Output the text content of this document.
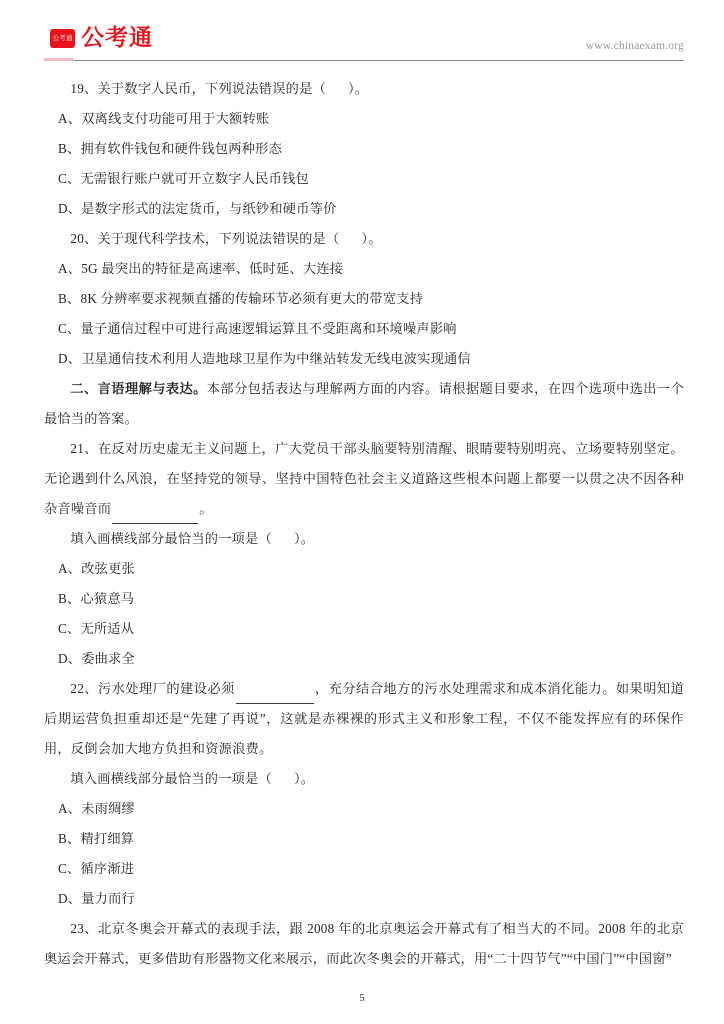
公考通 公考通	www.chinaexam.org

19、关于数字人民币，下列说法错误的是（ ）。

A、双离线支付功能可用于大额转账

B、拥有软件钱包和硬件钱包两种形态

C、无需银行账户就可开立数字人民币钱包

D、是数字形式的法定货币，与纸钞和硬币等价

20、关于现代科学技术，下列说法错误的是（ ）。

A、5G 最突出的特征是高速率、低时延、大连接

B、8K 分辨率要求视频直播的传输环节必须有更大的带宽支持

C、量子通信过程中可进行高速逻辑运算且不受距离和环境噪声影响

D、卫星通信技术利用人造地球卫星作为中继站转发无线电波实现通信

二、言语理解与表达。本部分包括表达与理解两方面的内容。请根据题目要求，在四个选项中选出一个最恰当的答案。

21、在反对历史虚无主义问题上，广大党员干部头脑要特别清醒、眼睛要特别明亮、立场要特别坚定。无论遇到什么风浪，在坚持党的领导、坚持中国特色社会主义道路这些根本问题上都要一以贯之决不因各种杂音噪音而	。

填入画横线部分最恰当的一项是（ ）。

A、改弦更张

B、心猿意马

C、无所适从

D、委曲求全

22、污水处理厂的建设必须	，充分结合地方的污水处理需求和成本消化能力。如果明知道后期运营负担重却还是“先建了再说”，这就是赤裸裸的形式主义和形象工程，不仅不能发挥应有的环保作用，反倒会加大地方负担和资源浪费。

填入画横线部分最恰当的一项是（ ）。

A、未雨绸缪

B、精打细算

C、循序渐进

D、量力而行

23、北京冬奥会开幕式的表现手法，跟 2008 年的北京奥运会开幕式有了相当大的不同。2008 年的北京奥运会开幕式，更多借助有形器物文化来展示，而此次冬奥会的开幕式，用“二十四节气”“中国门”“中国窗”

5
